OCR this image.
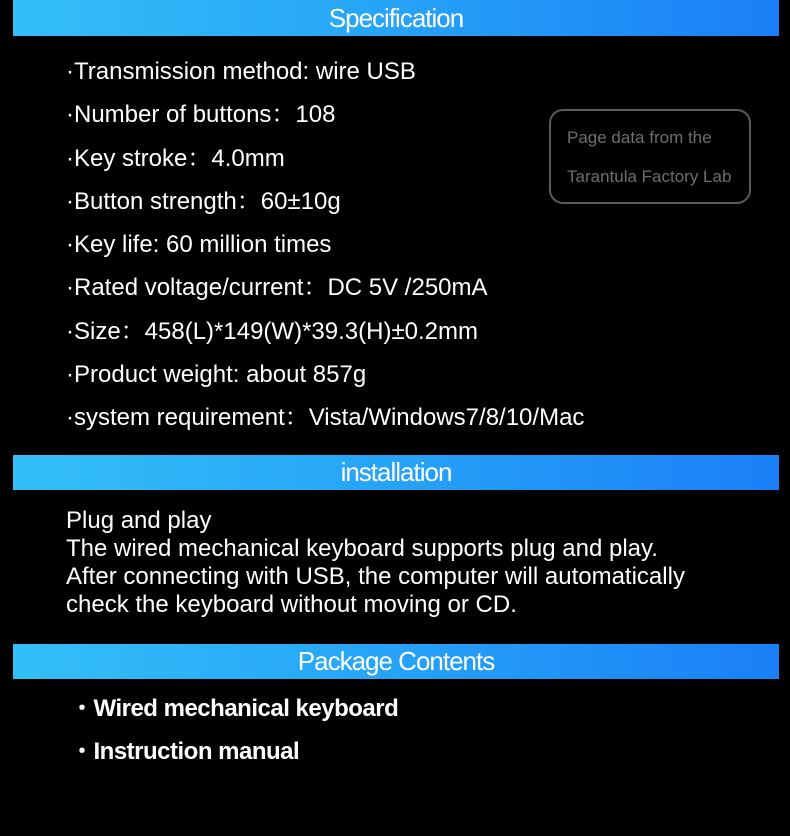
Specification
·Transmission method: wire USB
·Number of buttons：108
·Key stroke：4.0mm
·Button strength：60±10g
·Key life: 60 million times
·Rated voltage/current：DC 5V /250mA
·Size：458(L)*149(W)*39.3(H)±0.2mm
·Product weight: about 857g
·system requirement：Vista/Windows7/8/10/Mac
Page data from the
Tarantula Factory Lab
installation
Plug and play
The wired mechanical keyboard supports plug and play.
After connecting with USB, the computer will automatically
check the keyboard without moving or CD.
Package Contents
・Wired mechanical keyboard
・Instruction manual
